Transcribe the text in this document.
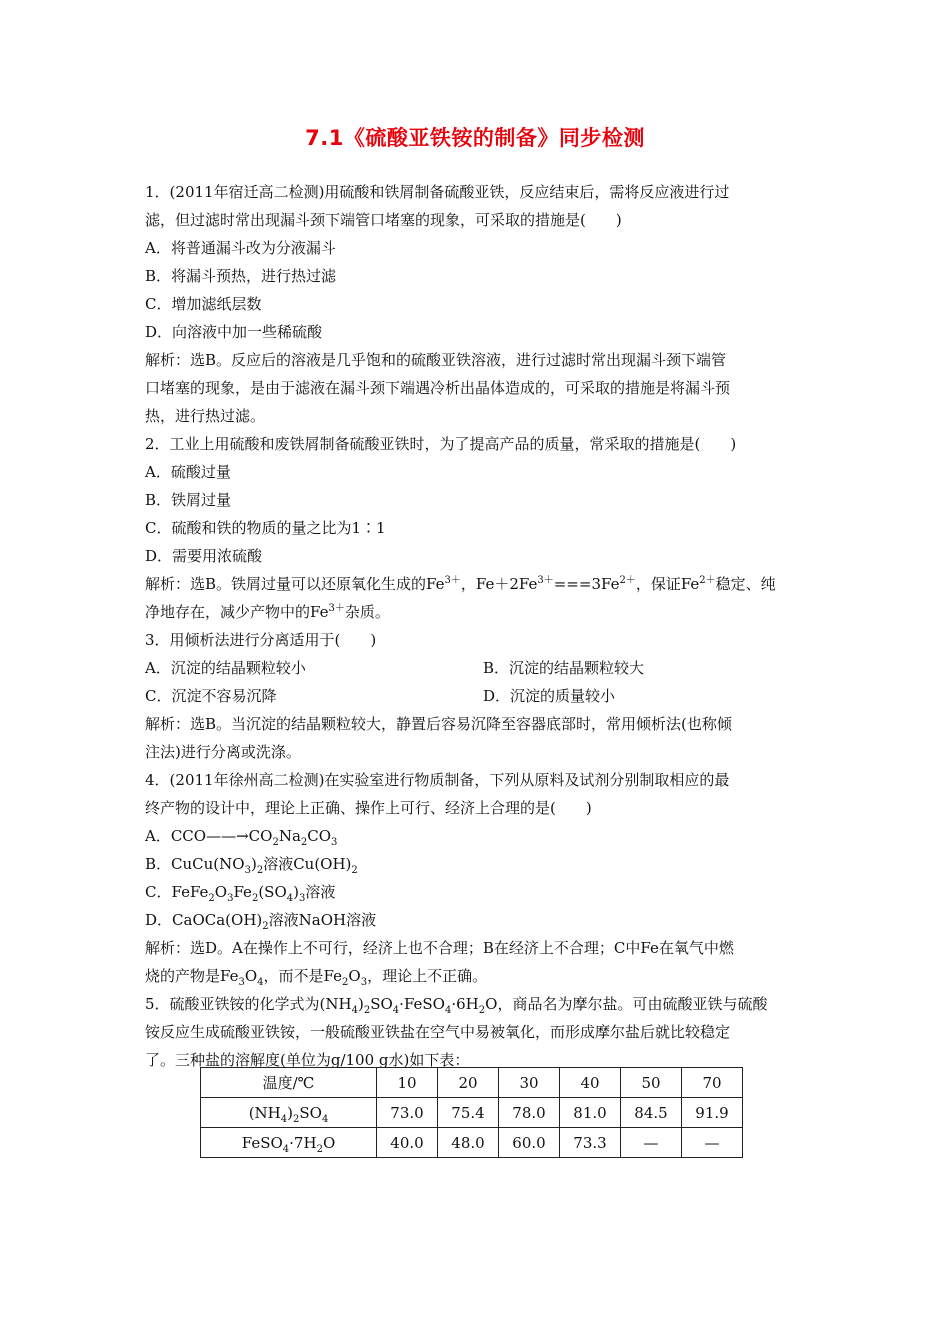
7.1《硫酸亚铁铵的制备》同步检测
1．(2011年宿迁高二检测)用硫酸和铁屑制备硫酸亚铁，反应结束后，需将反应液进行过
滤，但过滤时常出现漏斗颈下端管口堵塞的现象，可采取的措施是(　　)
A．将普通漏斗改为分液漏斗
B．将漏斗预热，进行热过滤
C．增加滤纸层数
D．向溶液中加一些稀硫酸
解析：选B。反应后的溶液是几乎饱和的硫酸亚铁溶液，进行过滤时常出现漏斗颈下端管
口堵塞的现象，是由于滤液在漏斗颈下端遇冷析出晶体造成的，可采取的措施是将漏斗预
热，进行热过滤。
2．工业上用硫酸和废铁屑制备硫酸亚铁时，为了提高产品的质量，常采取的措施是(　　)
A．硫酸过量
B．铁屑过量
C．硫酸和铁的物质的量之比为1∶1
D．需要用浓硫酸
解析：选B。铁屑过量可以还原氧化生成的$Fe^{3+}$，$Fe+2Fe^{3+}===3Fe^{2+}$，保证$Fe^{2+}$稳定、纯
净地存在，减少产物中的$Fe^{3+}$杂质。
3．用倾析法进行分离适用于(　　)
A．沉淀的结晶颗粒较小	B．沉淀的结晶颗粒较大
C．沉淀不容易沉降	D．沉淀的质量较小
解析：选B。当沉淀的结晶颗粒较大，静置后容易沉降至容器底部时，常用倾析法(也称倾
注法)进行分离或洗涤。
4．(2011年徐州高二检测)在实验室进行物质制备，下列从原料及试剂分别制取相应的最
终产物的设计中，理论上正确、操作上可行、经济上合理的是(　　)
A．$CCO——\to CO_2Na_2CO_3$
B．$CuCu(NO_3)_2$溶液$Cu(OH)_2$
C．$FeFe_2O_3Fe_2(SO_4)_3$溶液
D．$CaOCa(OH)_2$溶液NaOH溶液
解析：选D。A在操作上不可行，经济上也不合理；B在经济上不合理；C中Fe在氧气中燃
烧的产物是$Fe_3O_4$，而不是$Fe_2O_3$，理论上不正确。
5．硫酸亚铁铵的化学式为$(NH_4)_2SO_4\cdot FeSO_4\cdot 6H_2O$，商品名为摩尔盐。可由硫酸亚铁与硫酸
铵反应生成硫酸亚铁铵，一般硫酸亚铁盐在空气中易被氧化，而形成摩尔盐后就比较稳定
了。三种盐的溶解度(单位为g/100 g水)如下表：
温度/℃	10	20	30	40	50	70
$(NH_4)_2SO_4$	73.0	75.4	78.0	81.0	84.5	91.9
$FeSO_4\cdot 7H_2O$	40.0	48.0	60.0	73.3	—	—
